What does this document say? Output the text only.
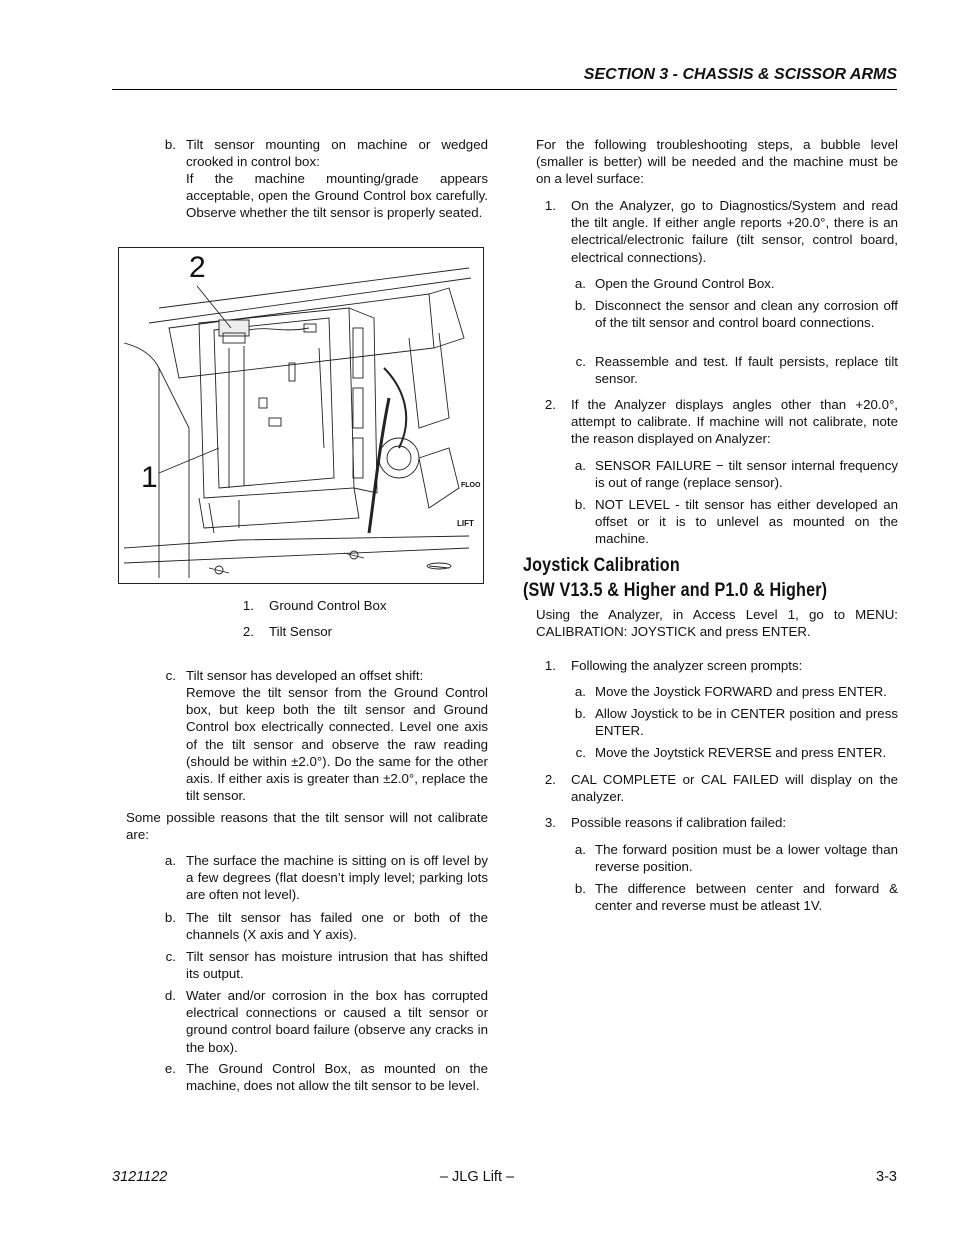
SECTION 3 - CHASSIS & SCISSOR ARMS
b. Tilt sensor mounting on machine or wedged crooked in control box:
If the machine mounting/grade appears acceptable, open the Ground Control box carefully. Observe whether the tilt sensor is properly seated.
2
1	FLOO
LIFT
1. Ground Control Box
2. Tilt Sensor
c. Tilt sensor has developed an offset shift:
Remove the tilt sensor from the Ground Control box, but keep both the tilt sensor and Ground Control box electrically connected. Level one axis of the tilt sensor and observe the raw reading (should be within ±2.0°). Do the same for the other axis. If either axis is greater than ±2.0°, replace the tilt sensor.
Some possible reasons that the tilt sensor will not calibrate are:
a. The surface the machine is sitting on is off level by a few degrees (flat doesn’t imply level; parking lots are often not level).
b. The tilt sensor has failed one or both of the channels (X axis and Y axis).
c. Tilt sensor has moisture intrusion that has shifted its output.
d. Water and/or corrosion in the box has corrupted electrical connections or caused a tilt sensor or ground control board failure (observe any cracks in the box).
e. The Ground Control Box, as mounted on the machine, does not allow the tilt sensor to be level.
For the following troubleshooting steps, a bubble level (smaller is better) will be needed and the machine must be on a level surface:
1. On the Analyzer, go to Diagnostics/System and read the tilt angle. If either angle reports +20.0°, there is an electrical/electronic failure (tilt sensor, control board, electrical connections).
a. Open the Ground Control Box.
b. Disconnect the sensor and clean any corrosion off of the tilt sensor and control board connections.
c. Reassemble and test. If fault persists, replace tilt sensor.
2. If the Analyzer displays angles other than +20.0°, attempt to calibrate. If machine will not calibrate, note the reason displayed on Analyzer:
a. SENSOR FAILURE − tilt sensor internal frequency is out of range (replace sensor).
b. NOT LEVEL - tilt sensor has either developed an offset or it is to unlevel as mounted on the machine.
Joystick Calibration
(SW V13.5 & Higher and P1.0 & Higher)
Using the Analyzer, in Access Level 1, go to MENU: CALIBRATION: JOYSTICK and press ENTER.
1. Following the analyzer screen prompts:
a. Move the Joystick FORWARD and press ENTER.
b. Allow Joystick to be in CENTER position and press ENTER.
c. Move the Joytstick REVERSE and press ENTER.
2. CAL COMPLETE or CAL FAILED will display on the analyzer.
3. Possible reasons if calibration failed:
a. The forward position must be a lower voltage than reverse position.
b. The difference between center and forward & center and reverse must be atleast 1V.
3121122	– JLG Lift –	3-3
